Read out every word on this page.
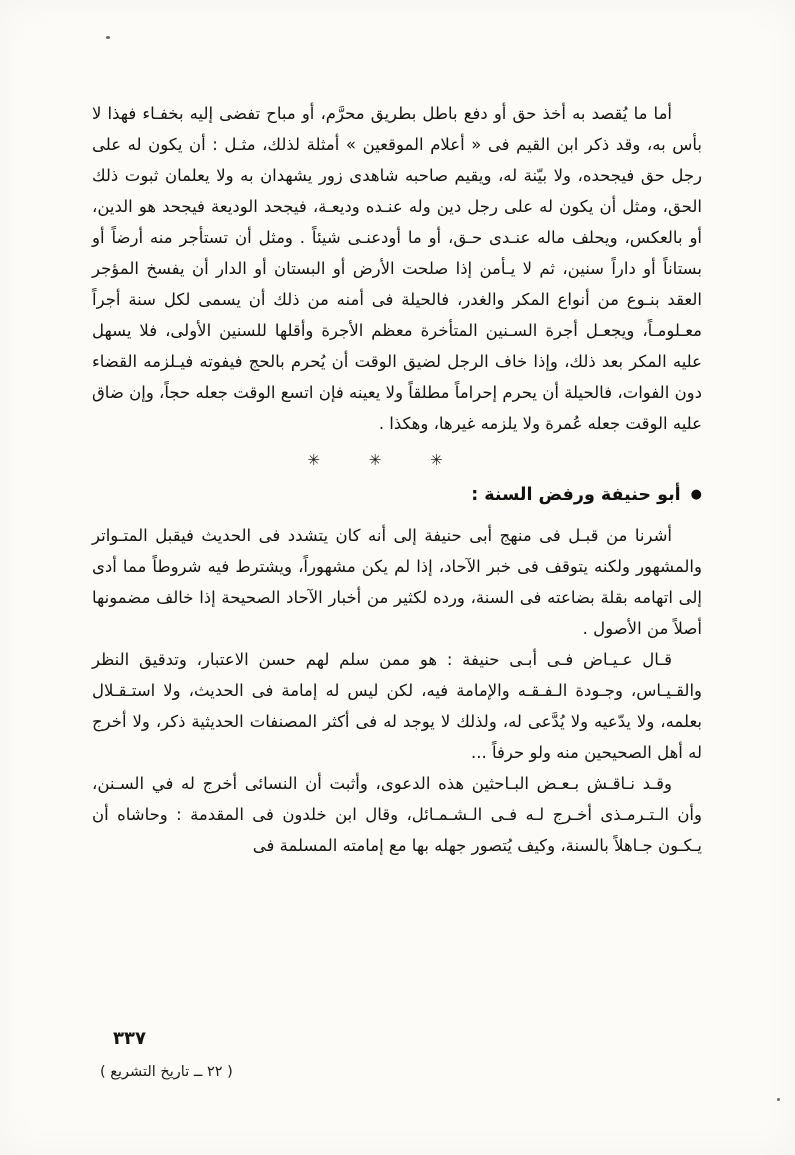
أما ما يُقصد به أخذ حق أو دفع باطل بطريق محرَّم، أو مباح تفضى إليه بخفـاء فهذا لا بأس به، وقد ذكر ابن القيم فى « أعلام الموقعين » أمثلة لذلك، مثـل : أن يكون له على رجل حق فيجحده، ولا بيّنة له، ويقيم صاحبه شاهدى زور يشهدان به ولا يعلمان ثبوت ذلك الحق، ومثل أن يكون له على رجل دين وله عنـده وديعـة، فيجحد الوديعة فيجحد هو الدين، أو بالعكس، ويحلف ماله عنـدى حـق، أو ما أودعنـى شيئاً . ومثل أن تستأجر منه أرضاً أو بستاناً أو داراً سنين، ثم لا يـأمن إذا صلحت الأرض أو البستان أو الدار أن يفسخ المؤجر العقد بنـوع من أنواع المكر والغدر، فالحيلة فى أمنه من ذلك أن يسمى لكل سنة أجراً معـلومـاً، ويجعـل أجرة السـنين المتأخرة معظم الأجرة وأقلها للسنين الأولى، فلا يسهل عليه المكر بعد ذلك، وإذا خاف الرجل لضيق الوقت أن يُحرم بالحج فيفوته فيـلزمه القضاء دون الفوات، فالحيلة أن يحرم إحراماً مطلقاً ولا يعينه فإن اتسع الوقت جعله حجاً، وإن ضاق عليه الوقت جعله عُمرة ولا يلزمه غيرها، وهكذا .

✳ ✳ ✳
●
أبو حنيفة ورفض السنة :

أشرنا من قبـل فى منهج أبى حنيفة إلى أنه كان يتشدد فى الحديث فيقبل المتـواتر والمشهور ولكنه يتوقف فى خبر الآحاد، إذا لم يكن مشهوراً، ويشترط فيه شروطاً مما أدى إلى اتهامه بقلة بضاعته فى السنة، ورده لكثير من أخبار الآحاد الصحيحة إذا خالف مضمونها أصلاً من الأصول .

قـال عـيـاض فـى أبـى حنيفة : هو ممن سلم لهم حسن الاعتبار، وتدقيق النظر والقـيـاس، وجـودة الـفـقـه والإمامة فيه، لكن ليس له إمامة فى الحديث، ولا استـقـلال بعلمه، ولا يدّعيه ولا يُدَّعى له، ولذلك لا يوجد له فى أكثر المصنفات الحديثية ذكر، ولا أخرج له أهل الصحيحين منه ولو حرفاً ...

وقـد نـاقـش بـعـض البـاحثين هذه الدعوى، وأثبت أن النسائى أخرج له في السـنن، وأن الـتـرمـذى أخـرج لـه فـى الـشـمـائل، وقال ابن خلدون فى المقدمة : وحاشاه أن يـكـون جـاهلاً بالسنة، وكيف يُتصور جهله بها مع إمامته المسلمة فى

٣٣٧
( ٢٢ ــ تاريخ التشريع )
